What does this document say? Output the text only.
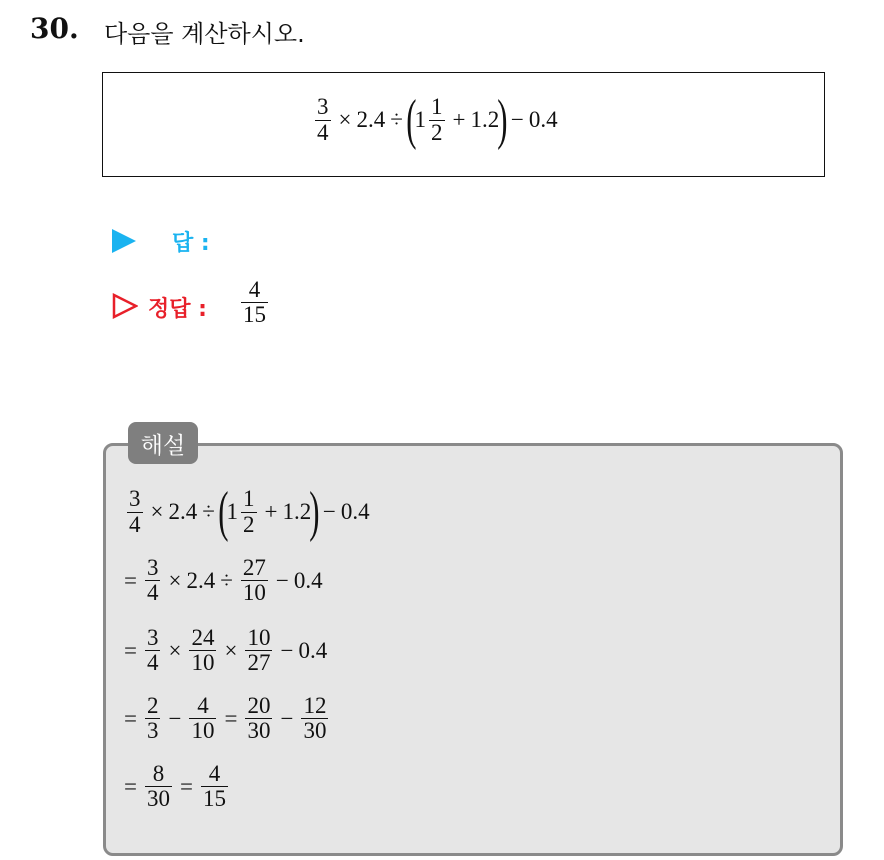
30. 다음을 계산하시오.
$\frac{3}{4} \times 2.4$ ÷ (
$1 \frac{1}{2} + 1.2$
) − 0.4
답 :
정답 : $\frac{4}{15}$
해설
$\frac{3}{4} \times 2.4$ ÷ (
$1 \frac{1}{2} + 1.2$
) − 0.4
= $\frac{3}{4} \times 2.4 \div \frac{27}{10} - 0.4$
= $\frac{3}{4} \times \frac{24}{10} \times \frac{10}{27} - 0.4$
= $\frac{2}{3} - \frac{4}{10} = \frac{20}{30} - \frac{12}{30}$
= $\frac{8}{30} = \frac{4}{15}$
